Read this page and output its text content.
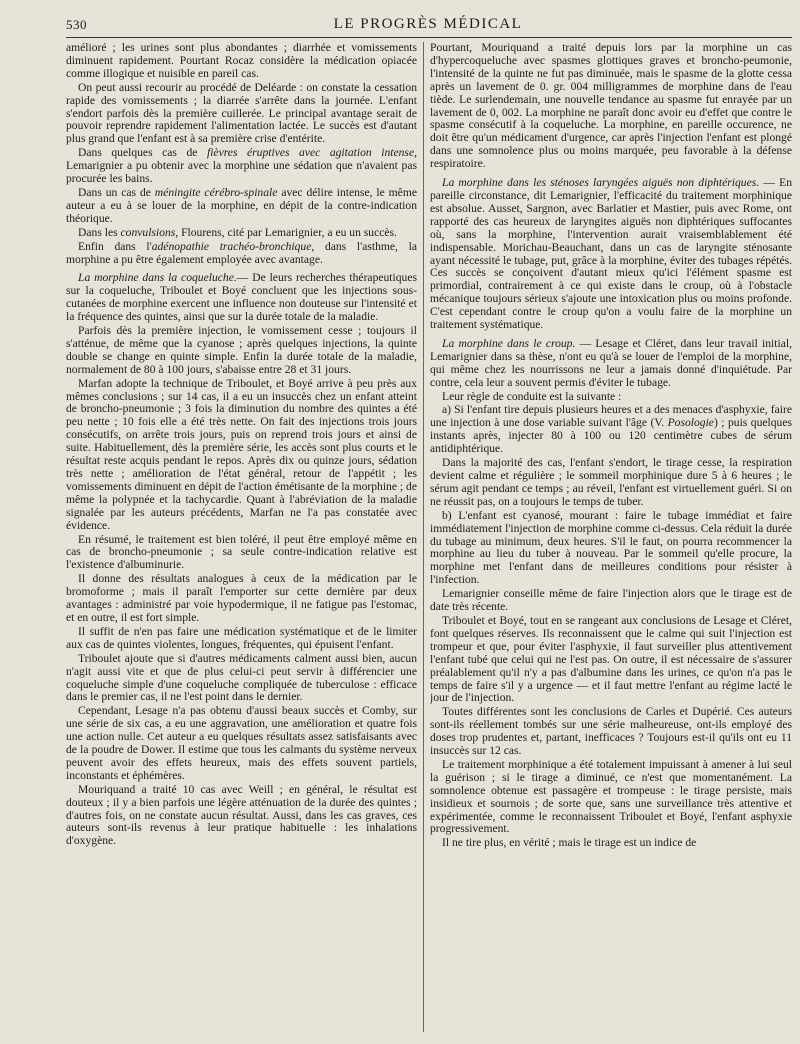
530	LE PROGRÈS MÉDICAL

amélioré ; les urines sont plus abondantes ; diarrhée et vomissements diminuent rapidement. Pourtant Rocaz considère la médication opiacée comme illogique et nuisible en pareil cas.

On peut aussi recourir au procédé de Deléarde : on constate la cessation rapide des vomissements ; la diarrée s'arrête dans la journée. L'enfant s'endort parfois dès la première cuillerée. Le principal avantage serait de pouvoir reprendre rapidement l'alimentation lactée. Le succès est d'autant plus grand que l'enfant est à sa première crise d'entérite.

Dans quelques cas de fièvres éruptives avec agitation intense, Lemarignier a pu obtenir avec la morphine une sédation que n'avaient pas procurée les bains.

Dans un cas de méningite cérébro-spinale avec délire intense, le même auteur a eu à se louer de la morphine, en dépit de la contre-indication théorique.

Dans les convulsions, Flourens, cité par Lemarignier, a eu un succès.

Enfin dans l'adénopathie trachéo-bronchique, dans l'asthme, la morphine a pu être également employée avec avantage.

La morphine dans la coqueluche.— De leurs recherches thérapeutiques sur la coqueluche, Triboulet et Boyé concluent que les injections sous-cutanées de morphine exercent une influence non douteuse sur l'intensité et la fréquence des quintes, ainsi que sur la durée totale de la maladie.

Parfois dès la première injection, le vomissement cesse ; toujours il s'atténue, de même que la cyanose ; après quelques injections, la quinte double se change en quinte simple. Enfin la durée totale de la maladie, normalement de 80 à 100 jours, s'abaisse entre 28 et 31 jours.

Marfan adopte la technique de Triboulet, et Boyé arrive à peu près aux mêmes conclusions ; sur 14 cas, il a eu un insuccès chez un enfant atteint de broncho-pneumonie ; 3 fois la diminution du nombre des quintes a été peu nette ; 10 fois elle a été très nette. On fait des injections trois jours consécutifs, on arrête trois jours, puis on reprend trois jours et ainsi de suite. Habituellement, dès la première série, les accès sont plus courts et le résultat reste acquis pendant le repos. Après dix ou quinze jours, sédation très nette ; amélioration de l'état général, retour de l'appétit ; les vomissements diminuent en dépit de l'action émétisante de la morphine ; de même la polypnée et la tachycardie. Quant à l'abréviation de la maladie signalée par les auteurs précédents, Marfan ne l'a pas constatée avec évidence.

En résumé, le traitement est bien toléré, il peut être employé même en cas de broncho-pneumonie ; sa seule contre-indication relative est l'existence d'albuminurie.

Il donne des résultats analogues à ceux de la médication par le bromoforme ; mais il paraît l'emporter sur cette dernière par deux avantages : administré par voie hypodermique, il ne fatigue pas l'estomac, et en outre, il est fort simple.

Il suffit de n'en pas faire une médication systématique et de le limiter aux cas de quintes violentes, longues, fréquentes, qui épuisent l'enfant.

Triboulet ajoute que si d'autres médicaments calment aussi bien, aucun n'agit aussi vite et que de plus celui-ci peut servir à différencier une coqueluche simple d'une coqueluche compliquée de tuberculose : efficace dans le premier cas, il ne l'est point dans le dernier.

Cependant, Lesage n'a pas obtenu d'aussi beaux succès et Comby, sur une série de six cas, a eu une aggravation, une amélioration et quatre fois une action nulle. Cet auteur a eu quelques résultats assez satisfaisants avec de la poudre de Dower. Il estime que tous les calmants du système nerveux peuvent avoir des effets heureux, mais des effets souvent partiels, inconstants et éphémères.

Mouriquand a traité 10 cas avec Weill ; en général, le résultat est douteux ; il y a bien parfois une légère atténuation de la durée des quintes ; d'autres fois, on ne constate aucun résultat. Aussi, dans les cas graves, ces auteurs sont-ils revenus à leur pratique habituelle : les inhalations d'oxygène.

Pourtant, Mouriquand a traité depuis lors par la morphine un cas d'hypercoqueluche avec spasmes glottiques graves et broncho-peumonie, l'intensité de la quinte ne fut pas diminuée, mais le spasme de la glotte cessa après un lavement de 0. gr. 004 milligrammes de morphine dans de l'eau tiède. Le surlendemain, une nouvelle tendance au spasme fut enrayée par un lavement de 0, 002. La morphine ne paraît donc avoir eu d'effet que contre le spasme consécutif à la coqueluche. La morphine, en pareille occurence, ne doit être qu'un médicament d'urgence, car après l'injection l'enfant est plongé dans une somnolence plus ou moins marquée, peu favorable à la défense respiratoire.

La morphine dans les sténoses laryngées aiguës non diphtériques. — En pareille circonstance, dit Lemarignier, l'efficacité du traitement morphinique est absolue. Ausset, Sargnon, avec Barlatier et Mastier, puis avec Rome, ont rapporté des cas heureux de laryngites aiguës non diphtériques suffocantes où, sans la morphine, l'intervention aurait vraisemblablement été indispensable. Morichau-Beauchant, dans un cas de laryngite sténosante ayant nécessité le tubage, put, grâce à la morphine, éviter des tubages répétés. Ces succès se conçoivent d'autant mieux qu'ici l'élément spasme est primordial, contrairement à ce qui existe dans le croup, où à l'obstacle mécanique toujours sérieux s'ajoute une intoxication plus ou moins profonde. C'est cependant contre le croup qu'on a voulu faire de la morphine un traitement systématique.

La morphine dans le croup. — Lesage et Cléret, dans leur travail initial, Lemarignier dans sa thèse, n'ont eu qu'à se louer de l'emploi de la morphine, qui même chez les nourrissons ne leur a jamais donné d'inquiétude. Par contre, cela leur a souvent permis d'éviter le tubage.

Leur règle de conduite est la suivante :

a) Si l'enfant tire depuis plusieurs heures et a des menaces d'asphyxie, faire une injection à une dose variable suivant l'âge (V. Posologie) ; puis quelques instants après, injecter 80 à 100 ou 120 centimètre cubes de sérum antidiphtérique.

Dans la majorité des cas, l'enfant s'endort, le tirage cesse, la respiration devient calme et régulière ; le sommeil morphinique dure 5 à 6 heures ; le sérum agit pendant ce temps ; au réveil, l'enfant est virtuellement guéri. Si on ne réussit pas, on a toujours le temps de tuber.

b) L'enfant est cyanosé, mourant : faire le tubage immédiat et faire immédiatement l'injection de morphine comme ci-dessus. Cela réduit la durée du tubage au minimum, deux heures. S'il le faut, on pourra recommencer la morphine au lieu du tuber à nouveau. Par le sommeil qu'elle procure, la morphine met l'enfant dans de meilleures conditions pour résister à l'infection.

Lemarignier conseille même de faire l'injection alors que le tirage est de date très récente.

Triboulet et Boyé, tout en se rangeant aux conclusions de Lesage et Cléret, font quelques réserves. Ils reconnaissent que le calme qui suit l'injection est trompeur et que, pour éviter l'asphyxie, il faut surveiller plus attentivement l'enfant tubé que celui qui ne l'est pas. On outre, il est nécessaire de s'assurer préalablement qu'il n'y a pas d'albumine dans les urines, ce qu'on n'a pas le temps de faire s'il y a urgence — et il faut mettre l'enfant au régime lacté le jour de l'injection.

Toutes différentes sont les conclusions de Carles et Dupérié. Ces auteurs sont-ils réellement tombés sur une série malheureuse, ont-ils employé des doses trop prudentes et, partant, inefficaces ? Toujours est-il qu'ils ont eu 11 insuccès sur 12 cas.

Le traitement morphinique a été totalement impuissant à amener à lui seul la guérison ; si le tirage a diminué, ce n'est que momentanément. La somnolence obtenue est passagère et trompeuse : le tirage persiste, mais insidieux et sournois ; de sorte que, sans une surveillance très attentive et expérimentée, comme le reconnaissent Triboulet et Boyé, l'enfant asphyxie progressivement.

Il ne tire plus, en vérité ; mais le tirage est un indice de
